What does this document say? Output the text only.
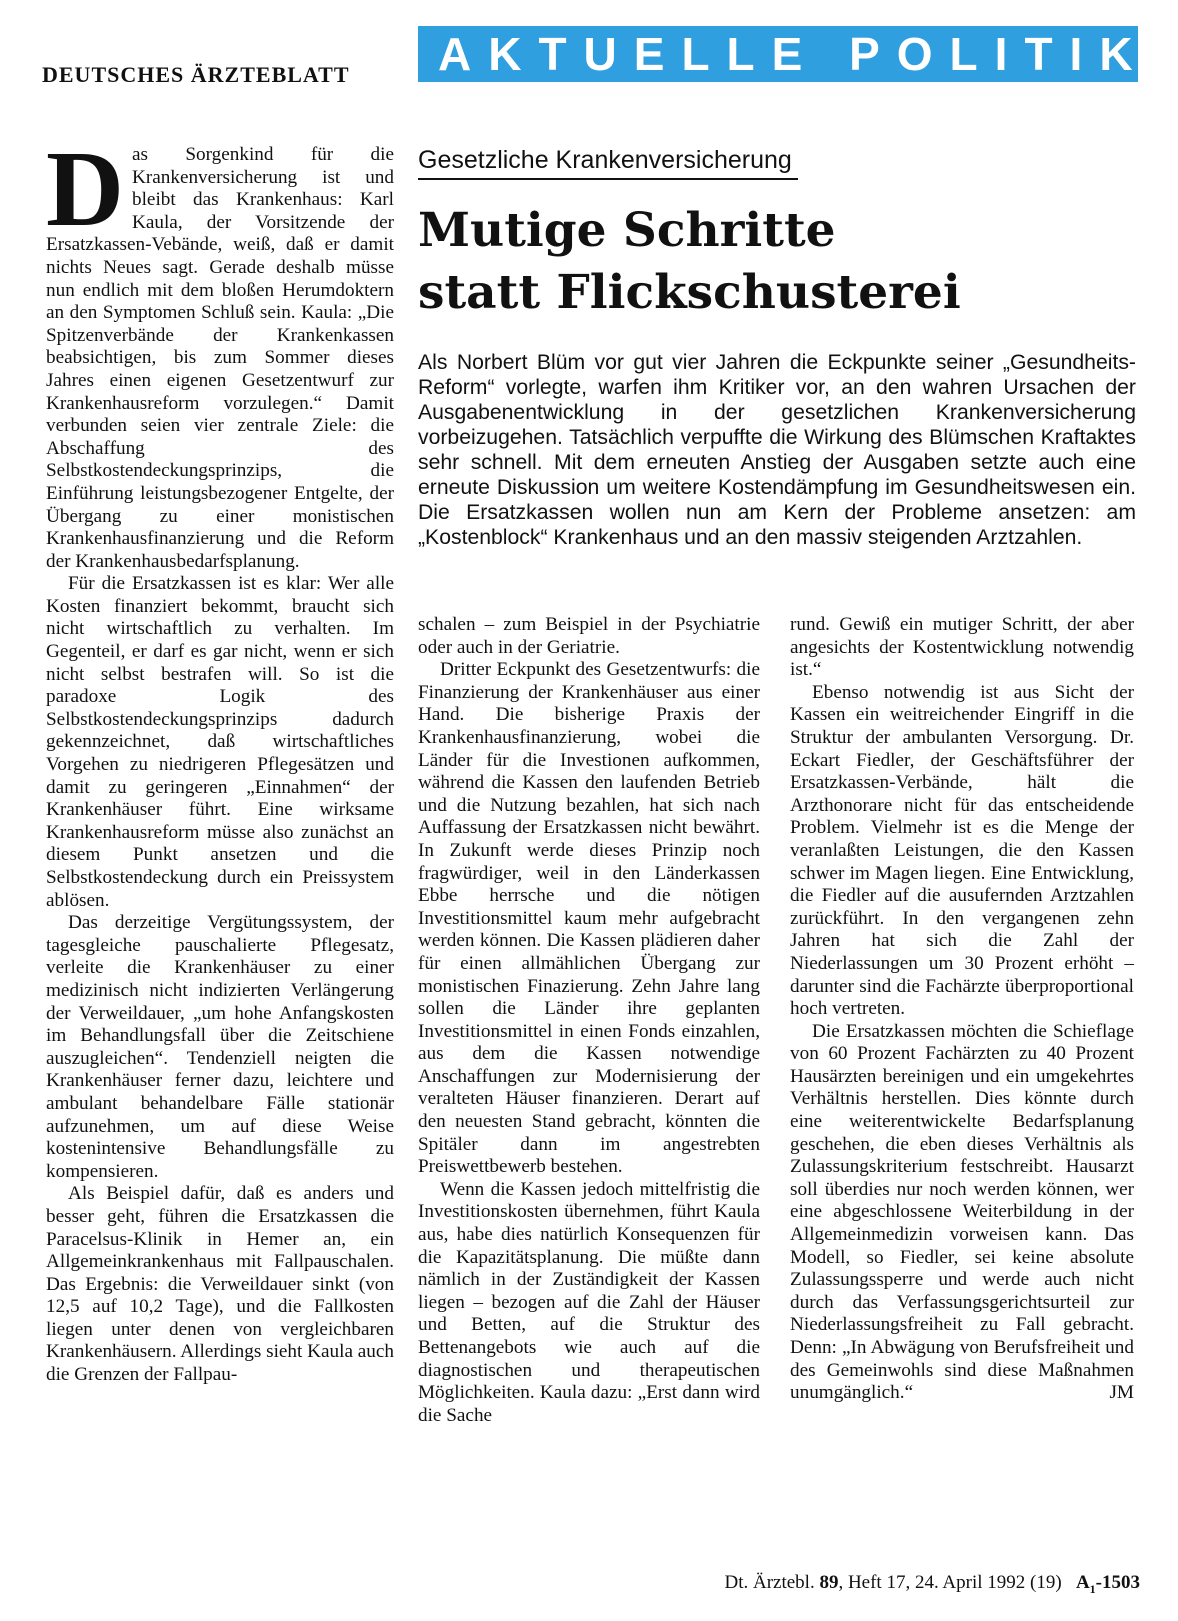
DEUTSCHES ÄRZTEBLATT	AKTUELLE POLITIK
Gesetzliche Krankenversicherung
Mutige Schritte
statt Flickschusterei

Als Norbert Blüm vor gut vier Jahren die Eckpunkte seiner „Gesundheits-Reform“ vorlegte, warfen ihm Kritiker vor, an den wahren Ursachen der Ausgabenentwicklung in der gesetzlichen Krankenversicherung vorbeizugehen. Tatsächlich verpuffte die Wirkung des Blümschen Kraftaktes sehr schnell. Mit dem erneuten Anstieg der Ausgaben setzte auch eine erneute Diskussion um weitere Kostendämpfung im Gesundheitswesen ein. Die Ersatzkassen wollen nun am Kern der Probleme ansetzen: am „Kostenblock“ Krankenhaus und an den massiv steigenden Arztzahlen.

D as Sorgenkind für die Krankenversicherung ist und bleibt das Krankenhaus: Karl Kaula, der Vorsitzende der Ersatzkassen-Vebände, weiß, daß er damit nichts Neues sagt. Gerade deshalb müsse nun endlich mit dem bloßen Herumdoktern an den Symptomen Schluß sein. Kaula: „Die Spitzenverbände der Krankenkassen beabsichtigen, bis zum Sommer dieses Jahres einen eigenen Gesetzentwurf zur Krankenhausreform vorzulegen.“ Damit verbunden seien vier zentrale Ziele: die Abschaffung des Selbstkostendeckungsprinzips, die Einführung leistungsbezogener Entgelte, der Übergang zu einer monistischen Krankenhausfinanzierung und die Reform der Krankenhausbedarfsplanung.

Für die Ersatzkassen ist es klar: Wer alle Kosten finanziert bekommt, braucht sich nicht wirtschaftlich zu verhalten. Im Gegenteil, er darf es gar nicht, wenn er sich nicht selbst bestrafen will. So ist die paradoxe Logik des Selbstkostendeckungsprinzips dadurch gekennzeichnet, daß wirtschaftliches Vorgehen zu niedrigeren Pflegesätzen und damit zu geringeren „Einnahmen“ der Krankenhäuser führt. Eine wirksame Krankenhausreform müsse also zunächst an diesem Punkt ansetzen und die Selbstkostendeckung durch ein Preissystem ablösen.

Das derzeitige Vergütungssystem, der tagesgleiche pauschalierte Pflegesatz, verleite die Krankenhäuser zu einer medizinisch nicht indizierten Verlängerung der Verweildauer, „um hohe Anfangskosten im Behandlungsfall über die Zeitschiene auszugleichen“. Tendenziell neigten die Krankenhäuser ferner dazu, leichtere und ambulant behandelbare Fälle stationär aufzunehmen, um auf diese Weise kostenintensive Behandlungsfälle zu kompensieren.

Als Beispiel dafür, daß es anders und besser geht, führen die Ersatzkassen die Paracelsus-Klinik in Hemer an, ein Allgemeinkrankenhaus mit Fallpauschalen. Das Ergebnis: die Verweildauer sinkt (von 12,5 auf 10,2 Tage), und die Fallkosten liegen unter denen von vergleichbaren Krankenhäusern. Allerdings sieht Kaula auch die Grenzen der Fallpau-

schalen – zum Beispiel in der Psychiatrie oder auch in der Geriatrie.

Dritter Eckpunkt des Gesetzentwurfs: die Finanzierung der Krankenhäuser aus einer Hand. Die bisherige Praxis der Krankenhausfinanzierung, wobei die Länder für die Investionen aufkommen, während die Kassen den laufenden Betrieb und die Nutzung bezahlen, hat sich nach Auffassung der Ersatzkassen nicht bewährt. In Zukunft werde dieses Prinzip noch fragwürdiger, weil in den Länderkassen Ebbe herrsche und die nötigen Investitionsmittel kaum mehr aufgebracht werden können. Die Kassen plädieren daher für einen allmählichen Übergang zur monistischen Finazierung. Zehn Jahre lang sollen die Länder ihre geplanten Investitionsmittel in einen Fonds einzahlen, aus dem die Kassen notwendige Anschaffungen zur Modernisierung der veralteten Häuser finanzieren. Derart auf den neuesten Stand gebracht, könnten die Spitäler dann im angestrebten Preiswettbewerb bestehen.

Wenn die Kassen jedoch mittelfristig die Investitionskosten übernehmen, führt Kaula aus, habe dies natürlich Konsequenzen für die Kapazitätsplanung. Die müßte dann nämlich in der Zuständigkeit der Kassen liegen – bezogen auf die Zahl der Häuser und Betten, auf die Struktur des Bettenangebots wie auch auf die diagnostischen und therapeutischen Möglichkeiten. Kaula dazu: „Erst dann wird die Sache

rund. Gewiß ein mutiger Schritt, der aber angesichts der Kostentwicklung notwendig ist.“

Ebenso notwendig ist aus Sicht der Kassen ein weitreichender Eingriff in die Struktur der ambulanten Versorgung. Dr. Eckart Fiedler, der Geschäftsführer der Ersatzkassen-Verbände, hält die Arzthonorare nicht für das entscheidende Problem. Vielmehr ist es die Menge der veranlaßten Leistungen, die den Kassen schwer im Magen liegen. Eine Entwicklung, die Fiedler auf die ausufernden Arztzahlen zurückführt. In den vergangenen zehn Jahren hat sich die Zahl der Niederlassungen um 30 Prozent erhöht – darunter sind die Fachärzte überproportional hoch vertreten.

Die Ersatzkassen möchten die Schieflage von 60 Prozent Fachärzten zu 40 Prozent Hausärzten bereinigen und ein umgekehrtes Verhältnis herstellen. Dies könnte durch eine weiterentwickelte Bedarfsplanung geschehen, die eben dieses Verhältnis als Zulassungskriterium festschreibt. Hausarzt soll überdies nur noch werden können, wer eine abgeschlossene Weiterbildung in der Allgemeinmedizin vorweisen kann. Das Modell, so Fiedler, sei keine absolute Zulassungssperre und werde auch nicht durch das Verfassungsgerichtsurteil zur Niederlassungsfreiheit zu Fall gebracht. Denn: „In Abwägung von Berufsfreiheit und des Gemeinwohls sind diese Maßnahmen unumgänglich.“	JM

Dt. Ärztebl. 89, Heft 17, 24. April 1992 (19) $A_1-1503$
